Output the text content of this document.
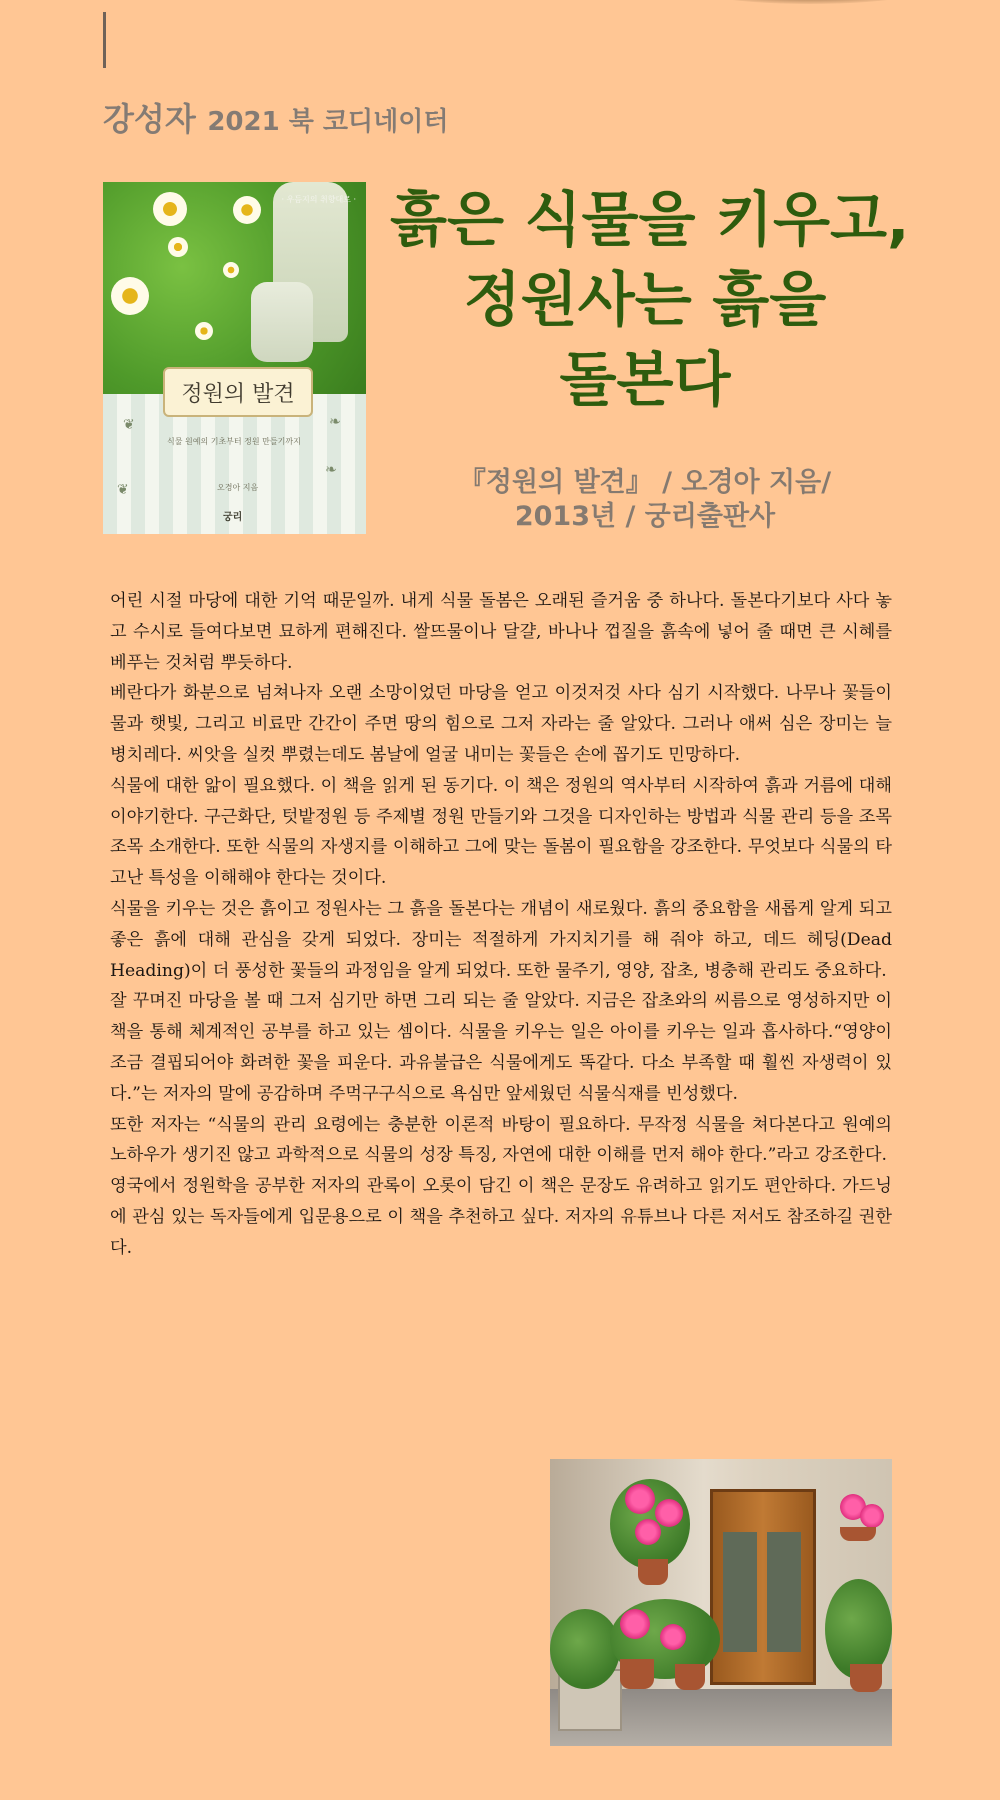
강성자 2021 북 코디네이터
· 우듬지의 취향대로 ·
정원의 발견
식물 원예의 기초부터 정원 만들기까지
오경아 지음
궁리
❦	❧
❦
❧
흙은 식물을 키우고,
정원사는 흙을
돌본다
『정원의 발견』 / 오경아 지음/
2013년 / 궁리출판사

어린 시절 마당에 대한 기억 때문일까. 내게 식물 돌봄은 오래된 즐거움 중 하나다. 돌본다기보다 사다 놓고 수시로 들여다보면 묘하게 편해진다. 쌀뜨물이나 달걀, 바나나 껍질을 흙속에 넣어 줄 때면 큰 시혜를 베푸는 것처럼 뿌듯하다.

베란다가 화분으로 넘쳐나자 오랜 소망이었던 마당을 얻고 이것저것 사다 심기 시작했다. 나무나 꽃들이 물과 햇빛, 그리고 비료만 간간이 주면 땅의 힘으로 그저 자라는 줄 알았다. 그러나 애써 심은 장미는 늘 병치레다. 씨앗을 실컷 뿌렸는데도 봄날에 얼굴 내미는 꽃들은 손에 꼽기도 민망하다.

식물에 대한 앎이 필요했다. 이 책을 읽게 된 동기다. 이 책은 정원의 역사부터 시작하여 흙과 거름에 대해 이야기한다. 구근화단, 텃밭정원 등 주제별 정원 만들기와 그것을 디자인하는 방법과 식물 관리 등을 조목조목 소개한다. 또한 식물의 자생지를 이해하고 그에 맞는 돌봄이 필요함을 강조한다. 무엇보다 식물의 타고난 특성을 이해해야 한다는 것이다.

식물을 키우는 것은 흙이고 정원사는 그 흙을 돌본다는 개념이 새로웠다. 흙의 중요함을 새롭게 알게 되고 좋은 흙에 대해 관심을 갖게 되었다. 장미는 적절하게 가지치기를 해 줘야 하고, 데드 헤딩(Dead Heading)이 더 풍성한 꽃들의 과정임을 알게 되었다. 또한 물주기, 영양, 잡초, 병충해 관리도 중요하다.

잘 꾸며진 마당을 볼 때 그저 심기만 하면 그리 되는 줄 알았다. 지금은 잡초와의 씨름으로 영성하지만 이 책을 통해 체계적인 공부를 하고 있는 셈이다. 식물을 키우는 일은 아이를 키우는 일과 흡사하다.“영양이 조금 결핍되어야 화려한 꽃을 피운다. 과유불급은 식물에게도 똑같다. 다소 부족할 때 훨씬 자생력이 있다.”는 저자의 말에 공감하며 주먹구구식으로 욕심만 앞세웠던 식물식재를 빈성했다.

또한 저자는 “식물의 관리 요령에는 충분한 이론적 바탕이 필요하다. 무작정 식물을 쳐다본다고 원예의 노하우가 생기진 않고 과학적으로 식물의 성장 특징, 자연에 대한 이해를 먼저 해야 한다.”라고 강조한다.

영국에서 정원학을 공부한 저자의 관록이 오롯이 담긴 이 책은 문장도 유려하고 읽기도 편안하다. 가드닝에 관심 있는 독자들에게 입문용으로 이 책을 추천하고 싶다. 저자의 유튜브나 다른 저서도 참조하길 권한다.
